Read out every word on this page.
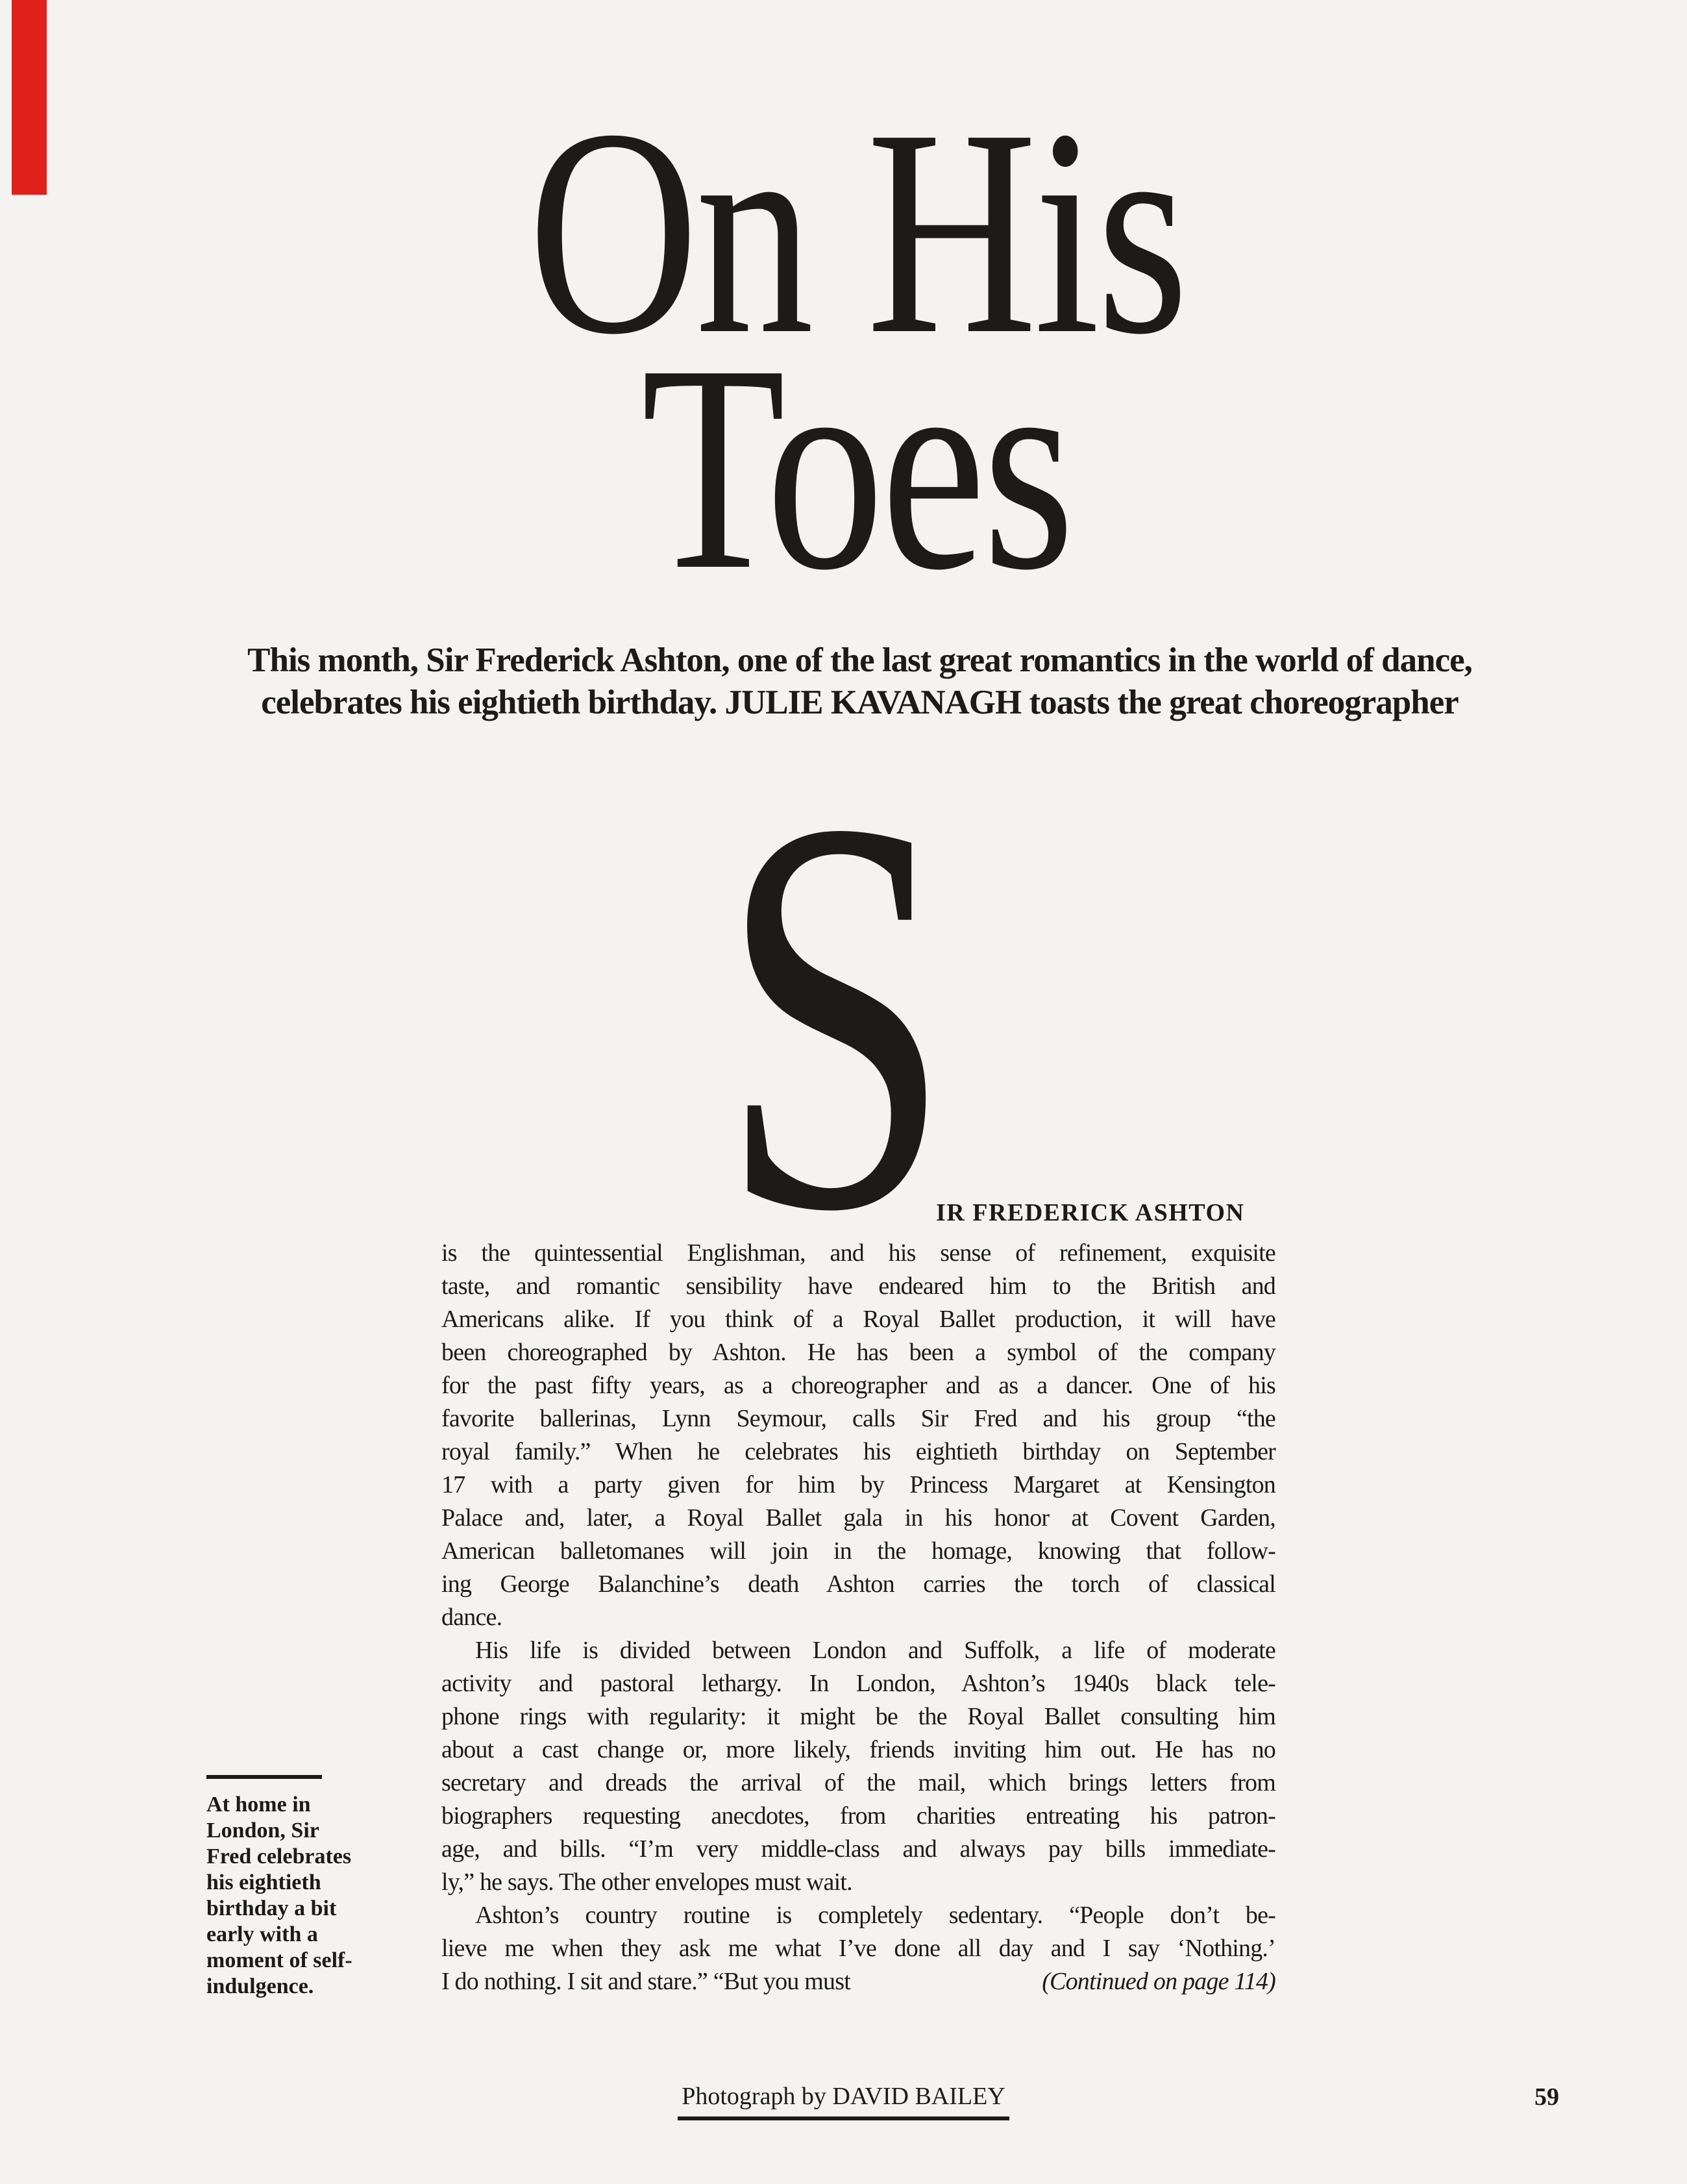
On His
Toes
This month, Sir Frederick Ashton, one of the last great romantics in the world of dance,
celebrates his eightieth birthday. JULIE KAVANAGH toasts the great choreographer
S
IR FREDERICK ASHTON
is the quintessential Englishman, and his sense of refinement, exquisite
taste, and romantic sensibility have endeared him to the British and
Americans alike. If you think of a Royal Ballet production, it will have
been choreographed by Ashton. He has been a symbol of the company
for the past fifty years, as a choreographer and as a dancer. One of his
favorite ballerinas, Lynn Seymour, calls Sir Fred and his group “the
royal family.” When he celebrates his eightieth birthday on September
17 with a party given for him by Princess Margaret at Kensington
Palace and, later, a Royal Ballet gala in his honor at Covent Garden,
American balletomanes will join in the homage, knowing that follow-
ing George Balanchine’s death Ashton carries the torch of classical
dance.
His life is divided between London and Suffolk, a life of moderate
activity and pastoral lethargy. In London, Ashton’s 1940s black tele-
phone rings with regularity: it might be the Royal Ballet consulting him
about a cast change or, more likely, friends inviting him out. He has no
secretary and dreads the arrival of the mail, which brings letters from
biographers requesting anecdotes, from charities entreating his patron-
age, and bills. “I’m very middle-class and always pay bills immediate-
ly,” he says. The other envelopes must wait.
Ashton’s country routine is completely sedentary. “People don’t be-
lieve me when they ask me what I’ve done all day and I say ‘Nothing.’
I do nothing. I sit and stare.” “But you must	(Continued on page 114)
At home in
London, Sir
Fred celebrates
his eightieth
birthday a bit
early with a
moment of self-
indulgence.
Photograph by DAVID BAILEY	59
